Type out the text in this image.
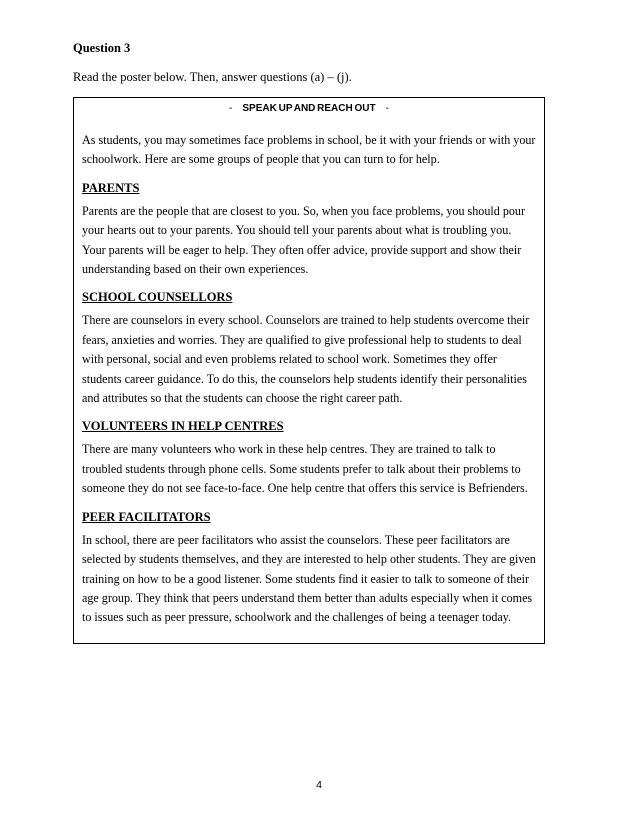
Question 3

Read the poster below. Then, answer questions (a) – (j).

- SPEAK UP AND REACH OUT -

As students, you may sometimes face problems in school, be it with your friends or with your schoolwork. Here are some groups of people that you can turn to for help.

PARENTS

Parents are the people that are closest to you. So, when you face problems, you should pour your hearts out to your parents. You should tell your parents about what is troubling you. Your parents will be eager to help. They often offer advice, provide support and show their understanding based on their own experiences.

SCHOOL COUNSELLORS

There are counselors in every school. Counselors are trained to help students overcome their fears, anxieties and worries. They are qualified to give professional help to students to deal with personal, social and even problems related to school work. Sometimes they offer students career guidance. To do this, the counselors help students identify their personalities and attributes so that the students can choose the right career path.

VOLUNTEERS IN HELP CENTRES

There are many volunteers who work in these help centres. They are trained to talk to troubled students through phone cells. Some students prefer to talk about their problems to someone they do not see face-to-face. One help centre that offers this service is Befrienders.

PEER FACILITATORS

In school, there are peer facilitators who assist the counselors. These peer facilitators are selected by students themselves, and they are interested to help other students. They are given training on how to be a good listener. Some students find it easier to talk to someone of their age group. They think that peers understand them better than adults especially when it comes to issues such as peer pressure, schoolwork and the challenges of being a teenager today.

4
